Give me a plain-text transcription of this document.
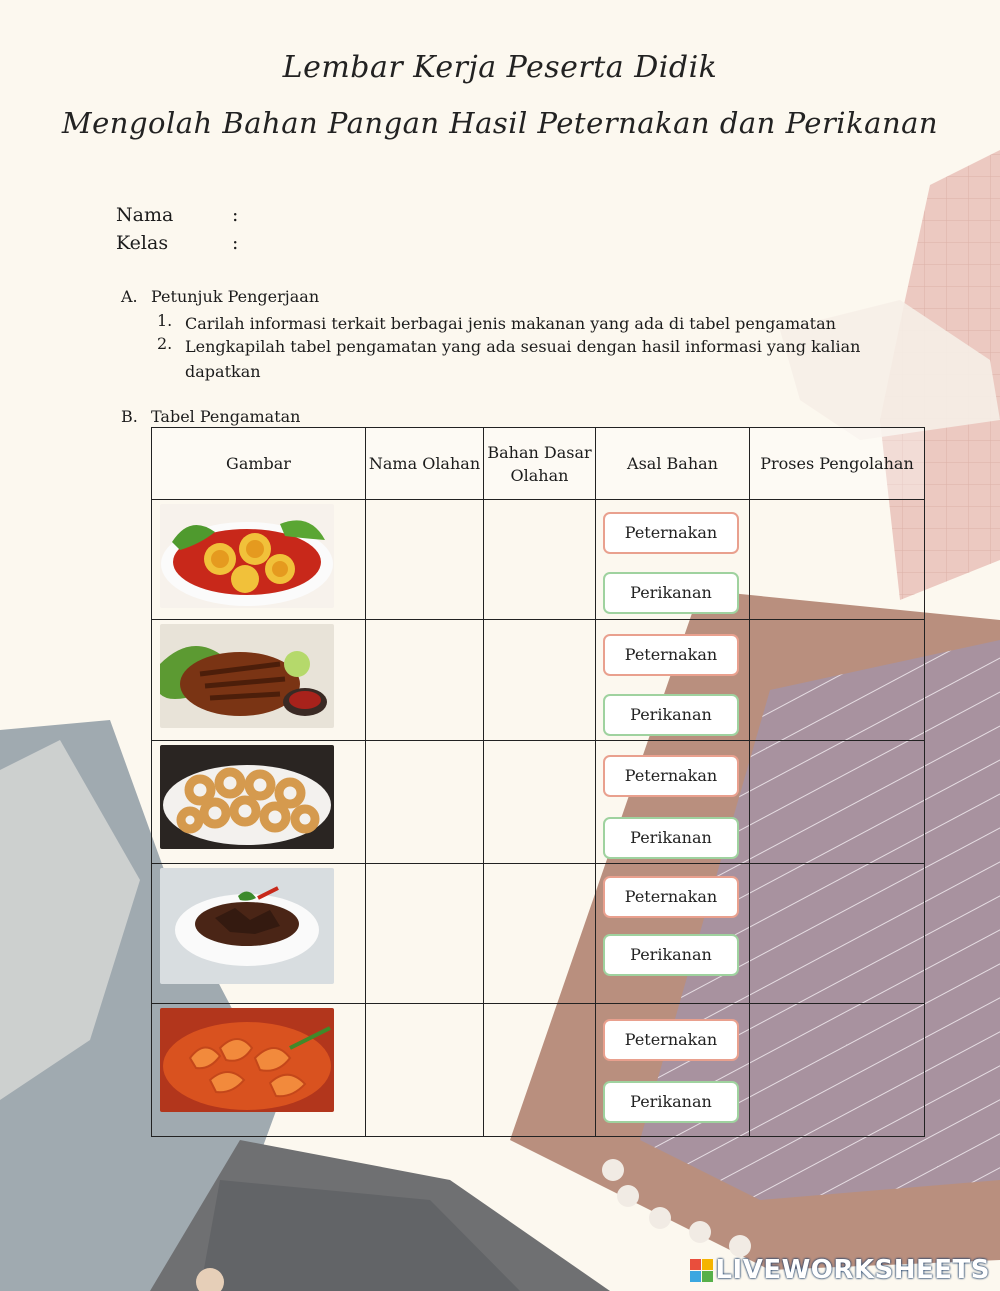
Lembar Kerja Peserta Didik
Mengolah Bahan Pangan Hasil Peternakan dan Perikanan
Nama	:
Kelas	:
A. Petunjuk Pengerjaan
1. Carilah informasi terkait berbagai jenis makanan yang ada di tabel pengamatan
2. Lengkapilah tabel pengamatan yang ada sesuai dengan hasil informasi yang kalian dapatkan
B. Tabel Pengamatan
Gambar	Nama Olahan	Bahan Dasar Olahan	Asal Bahan	Proses Pengolahan

Peternakan
Perikanan	

Peternakan
Perikanan	

Peternakan
Perikanan	

Peternakan
Perikanan	

Peternakan
Perikanan	

LIVEWORKSHEETS
